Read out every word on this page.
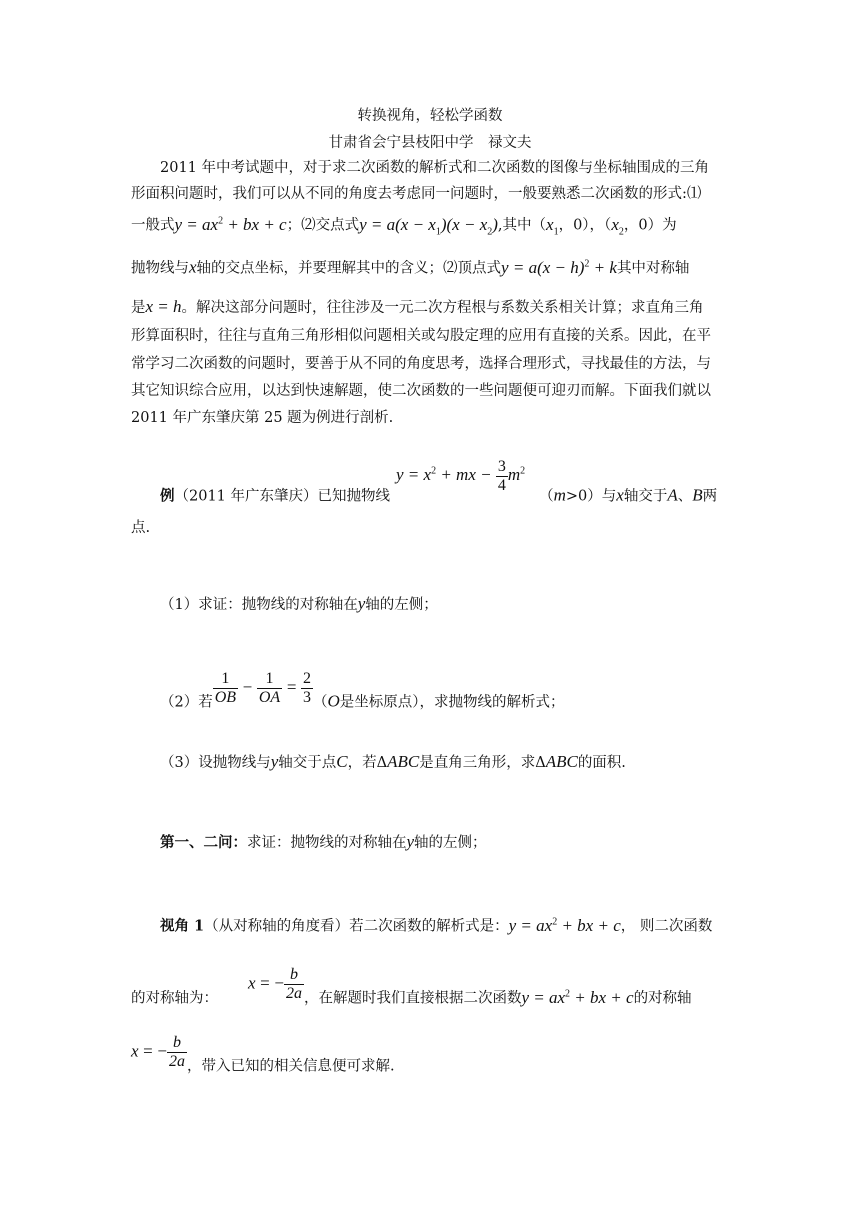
转换视角，轻松学函数
甘肃省会宁县枝阳中学　禄文夫
2011 年中考试题中，对于求二次函数的解析式和二次函数的图像与坐标轴围成的三角
形面积问题时，我们可以从不同的角度去考虑同一问题时，一般要熟悉二次函数的形式:⑴
一般式$y = ax^2$ + bx + c；⑵交点式$y = a(x - x_1)(x - x_2)$,其中（$x_1$，0），（$x_2$，0）为
抛物线与x轴的交点坐标，并要理解其中的含义；⑵顶点式$y = a(x - h)^2 + k$其中对称轴
是x = h。解决这部分问题时，往往涉及一元二次方程根与系数关系相关计算；求直角三角
形算面积时，往往与直角三角形相似问题相关或勾股定理的应用有直接的关系。因此，在平
常学习二次函数的问题时，要善于从不同的角度思考，选择合理形式，寻找最佳的方法，与
其它知识综合应用，以达到快速解题，使二次函数的一些问题便可迎刃而解。下面我们就以
2011 年广东肇庆第 25 题为例进行剖析.
例（2011 年广东肇庆）已知抛物线$y = x^2$ + mx − $\frac{3}{4} m^2(m>0)$与x轴交于A、B两
点.
（1）求证：抛物线的对称轴在y轴的左侧；
（2）若 $\frac{1}{OB} - \frac{1}{OA} = \frac{2}{3} (O$是坐标原点），求抛物线的解析式；
（3）设抛物线与y轴交于点C，若ΔABC是直角三角形，求ΔABC的面积.
第一、二问：求证：抛物线的对称轴在y轴的左侧；
视角 1（从对称轴的角度看）若二次函数的解析式是：$y = ax^2$ + bx + c， 则二次函数
的对称轴为：x = − $\frac{b}{2a}$ ，在解题时我们直接根据二次函数$y = ax^2$ + bx + c的对称轴
x = − $\frac{b}{2a}$ ，带入已知的相关信息便可求解.
